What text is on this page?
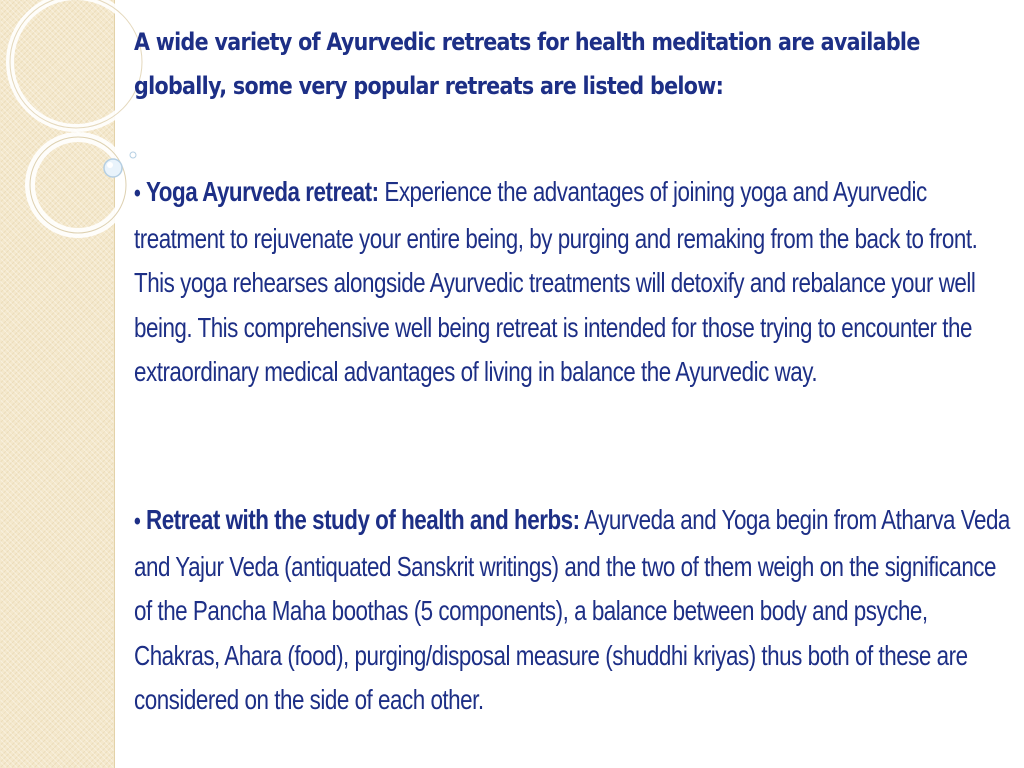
A wide variety of Ayurvedic retreats for health meditation are available globally, some very popular retreats are listed below:

• Yoga Ayurveda retreat: Experience the advantages of joining yoga and Ayurvedic treatment to rejuvenate your entire being, by purging and remaking from the back to front. This yoga rehearses alongside Ayurvedic treatments will detoxify and rebalance your well being. This comprehensive well being retreat is intended for those trying to encounter the extraordinary medical advantages of living in balance the Ayurvedic way.

• Retreat with the study of health and herbs: Ayurveda and Yoga begin from Atharva Veda and Yajur Veda (antiquated Sanskrit writings) and the two of them weigh on the significance of the Pancha Maha boothas (5 components), a balance between body and psyche, Chakras, Ahara (food), purging/disposal measure (shuddhi kriyas) thus both of these are considered on the side of each other.
